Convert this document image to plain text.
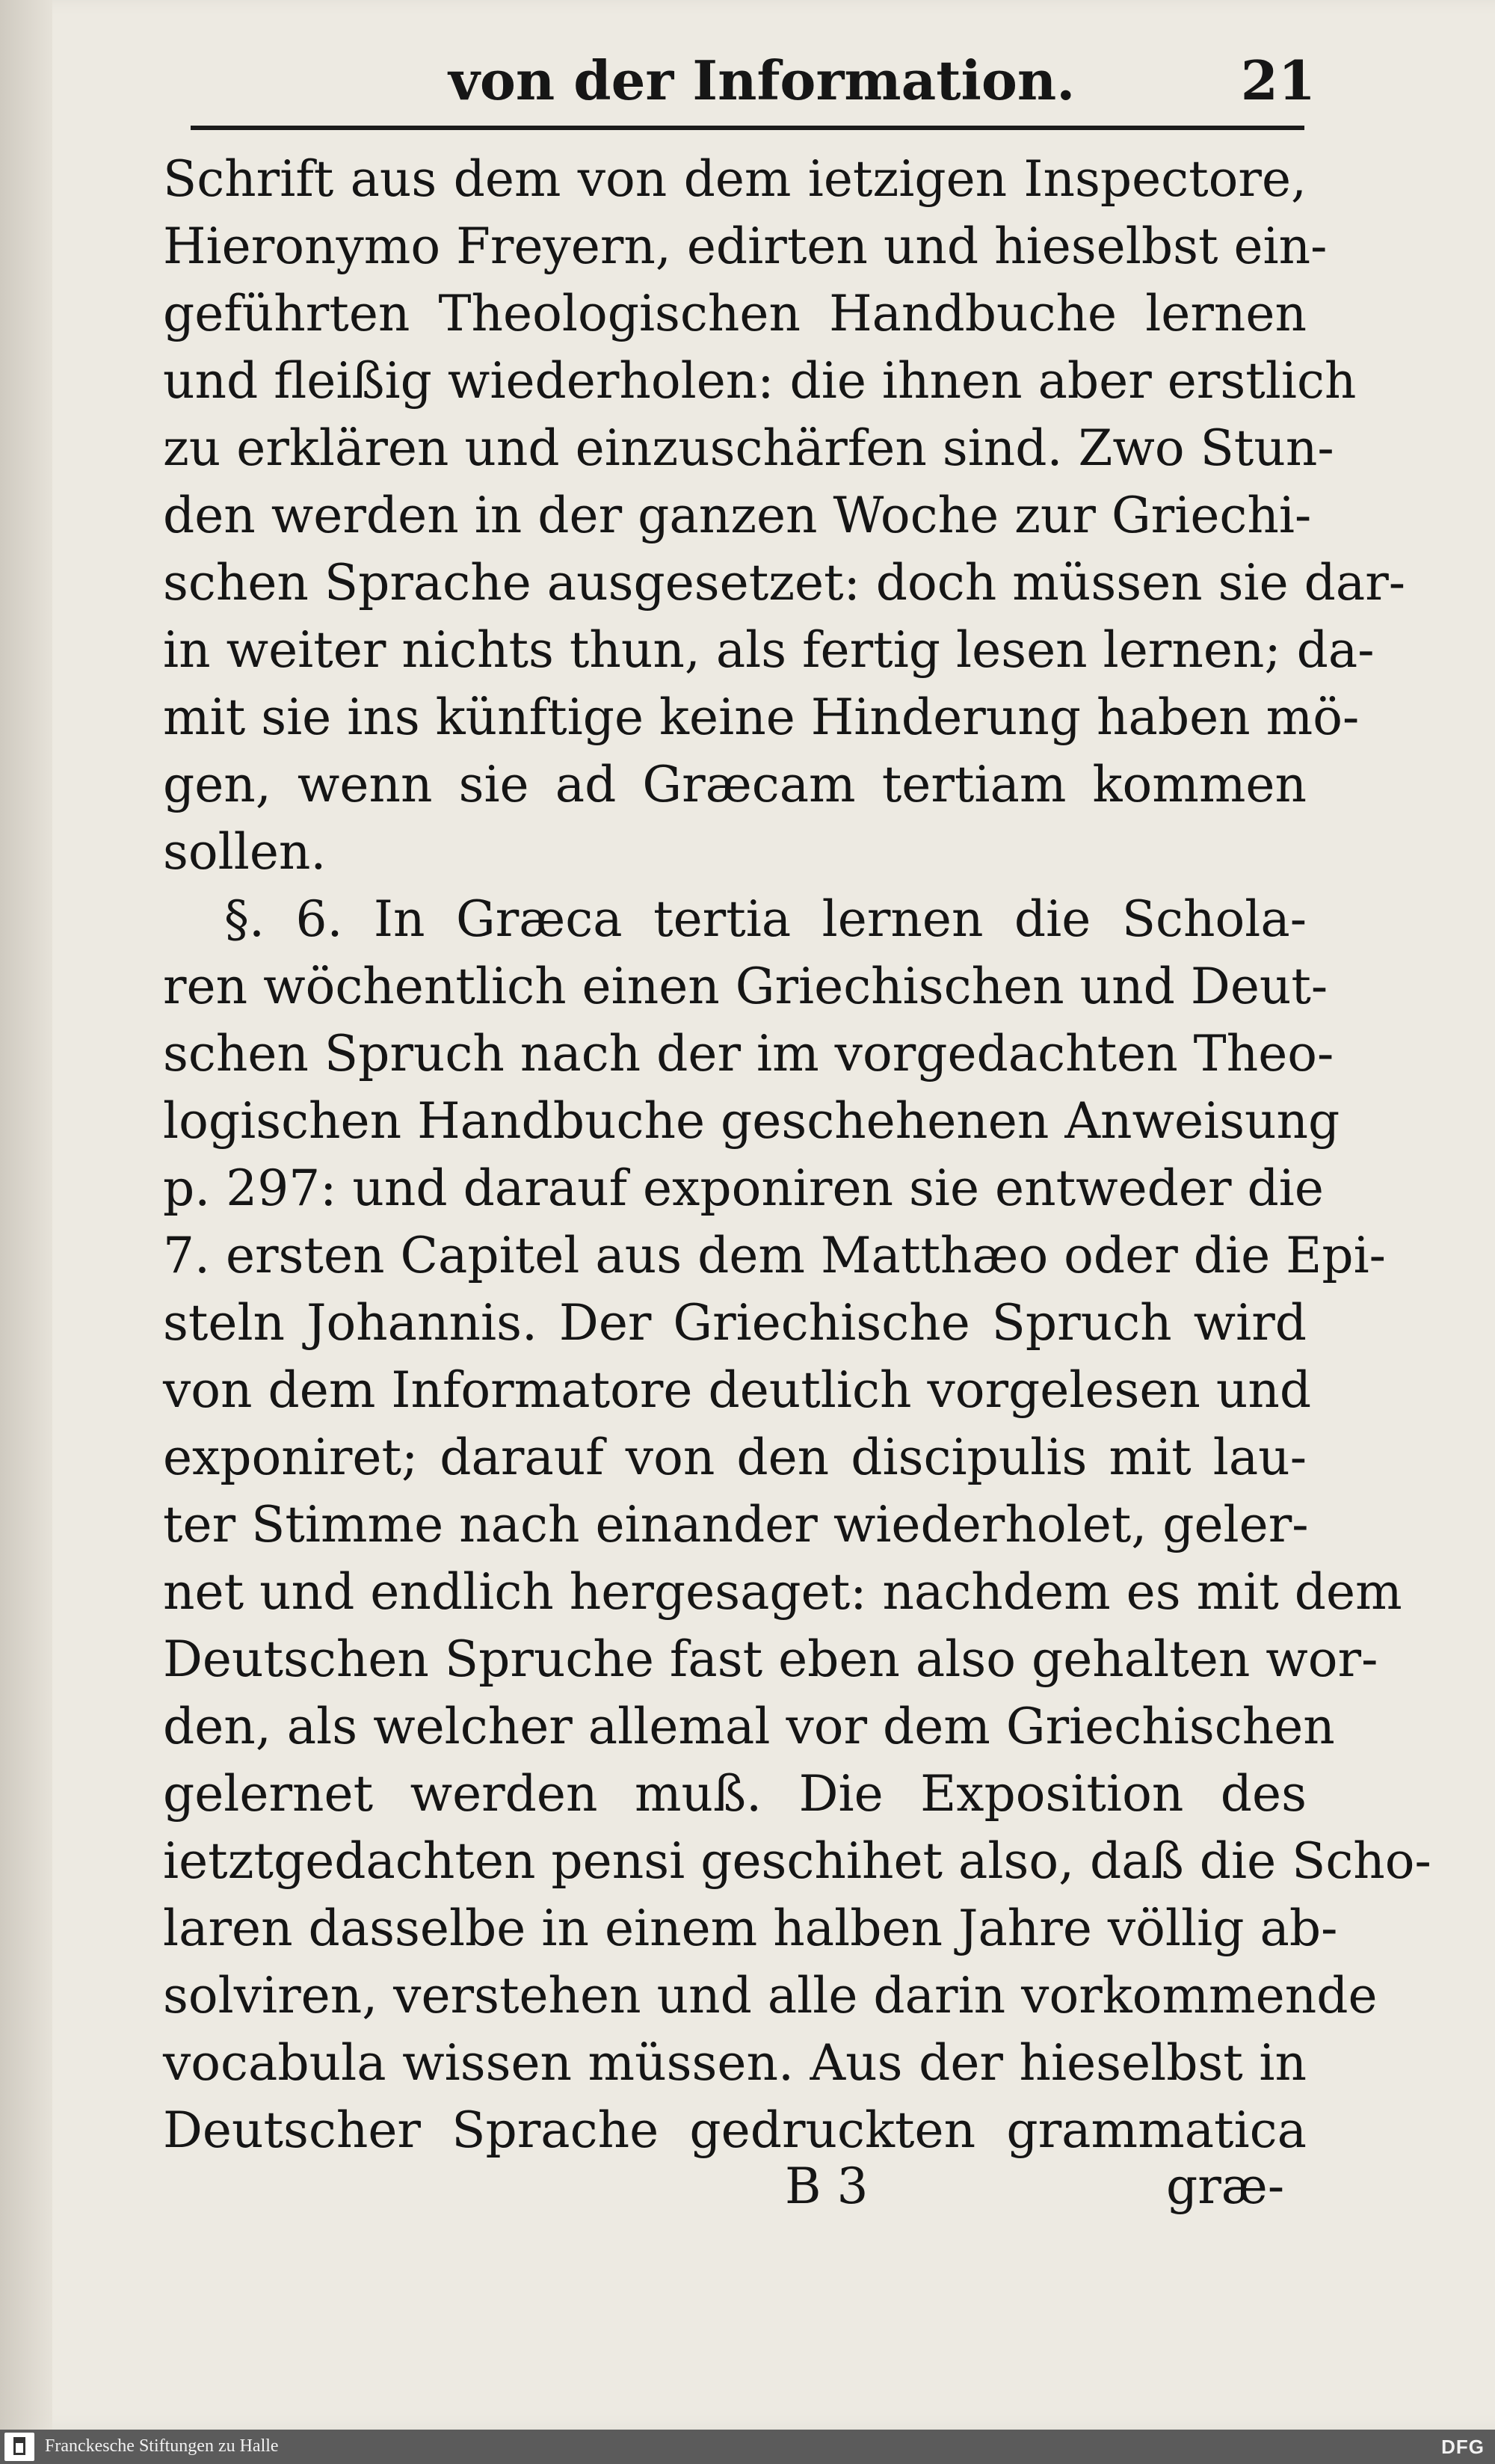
von der Information.	21
Schrift aus dem von dem ietzigen Inspectore,
Hieronymo Freyern, edirten und hieselbst ein-
geführten Theologischen Handbuche lernen
und fleißig wiederholen: die ihnen aber erstlich
zu erklären und einzuschärfen sind. Zwo Stun-
den werden in der ganzen Woche zur Griechi-
schen Sprache ausgesetzet: doch müssen sie dar-
in weiter nichts thun, als fertig lesen lernen; da-
mit sie ins künftige keine Hinderung haben mö-
gen, wenn sie ad Græcam tertiam kommen
sollen.
§. 6. In Græca tertia lernen die Schola-
ren wöchentlich einen Griechischen und Deut-
schen Spruch nach der im vorgedachten Theo-
logischen Handbuche geschehenen Anweisung
p. 297: und darauf exponiren sie entweder die
7. ersten Capitel aus dem Matthæo oder die Epi-
steln Johannis. Der Griechische Spruch wird
von dem Informatore deutlich vorgelesen und
exponiret; darauf von den discipulis mit lau-
ter Stimme nach einander wiederholet, geler-
net und endlich hergesaget: nachdem es mit dem
Deutschen Spruche fast eben also gehalten wor-
den, als welcher allemal vor dem Griechischen
gelernet werden muß. Die Exposition des
ietztgedachten pensi geschihet also, daß die Scho-
laren dasselbe in einem halben Jahre völlig ab-
solviren, verstehen und alle darin vorkommende
vocabula wissen müssen. Aus der hieselbst in
Deutscher Sprache gedruckten grammatica
B 3	græ-
Franckesche Stiftungen zu Halle	DFG
